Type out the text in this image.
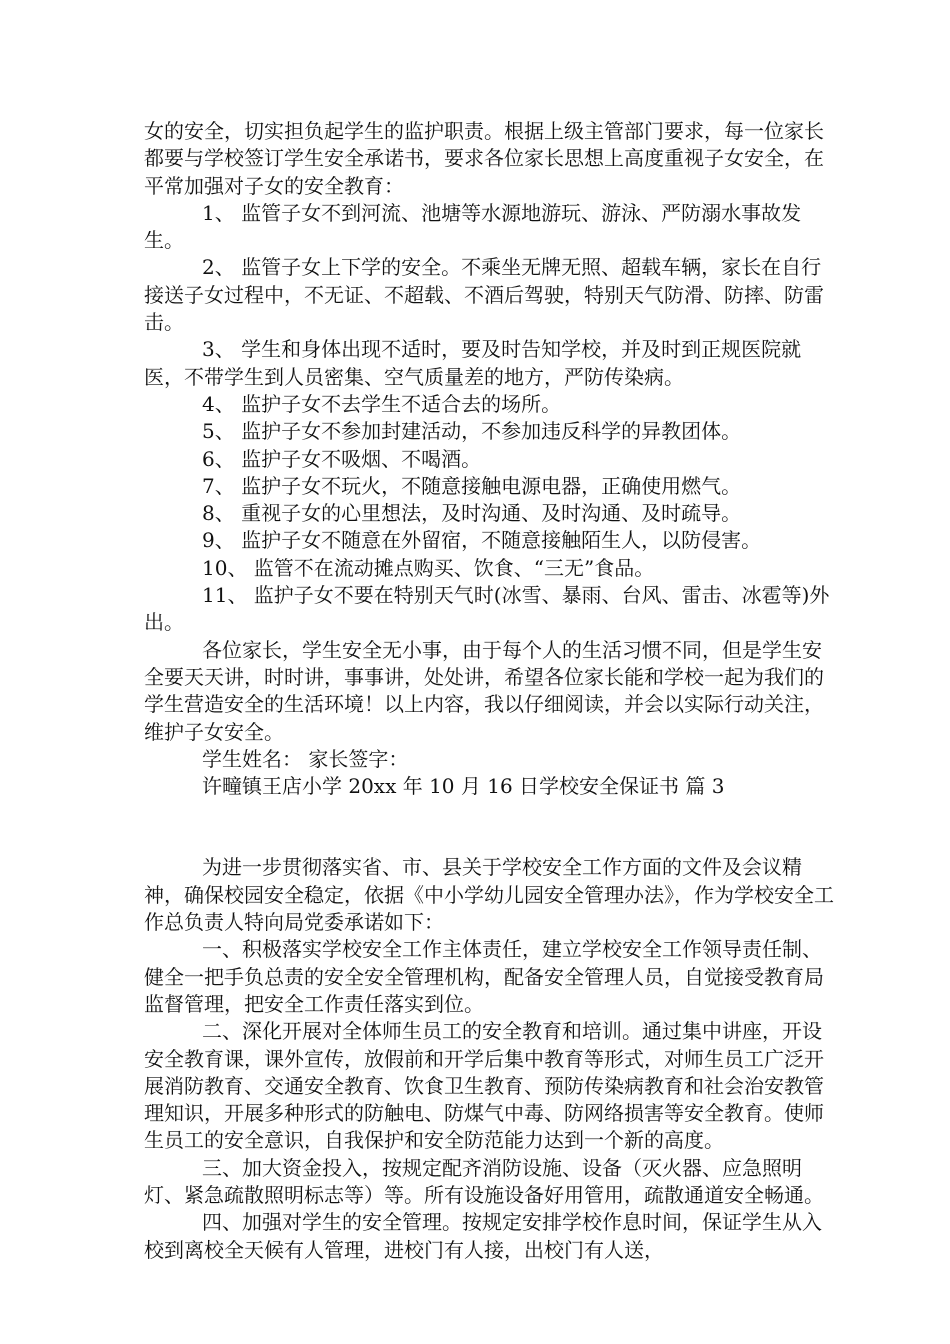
女的安全，切实担负起学生的监护职责。根据上级主管部门要求，每一位家长都要与学校签订学生安全承诺书，要求各位家长思想上高度重视子女安全，在平常加强对子女的安全教育：

1、 监管子女不到河流、池塘等水源地游玩、游泳、严防溺水事故发生。

2、 监管子女上下学的安全。不乘坐无牌无照、超载车辆，家长在自行接送子女过程中，不无证、不超载、不酒后驾驶，特别天气防滑、防摔、防雷击。

3、 学生和身体出现不适时，要及时告知学校，并及时到正规医院就医，不带学生到人员密集、空气质量差的地方，严防传染病。

4、 监护子女不去学生不适合去的场所。

5、 监护子女不参加封建活动，不参加违反科学的异教团体。

6、 监护子女不吸烟、不喝酒。

7、 监护子女不玩火，不随意接触电源电器，正确使用燃气。

8、 重视子女的心里想法，及时沟通、及时沟通、及时疏导。

9、 监护子女不随意在外留宿，不随意接触陌生人，以防侵害。

10、 监管不在流动摊点购买、饮食、“三无”食品。

11、 监护子女不要在特别天气时(冰雪、暴雨、台风、雷击、冰雹等)外出。

各位家长，学生安全无小事，由于每个人的生活习惯不同，但是学生安全要天天讲，时时讲，事事讲，处处讲，希望各位家长能和学校一起为我们的学生营造安全的生活环境！以上内容，我以仔细阅读，并会以实际行动关注，维护子女安全。

学生姓名： 家长签字：

许疃镇王店小学 20xx 年 10 月 16 日学校安全保证书 篇 3

为进一步贯彻落实省、市、县关于学校安全工作方面的文件及会议精神，确保校园安全稳定，依据《中小学幼儿园安全管理办法》，作为学校安全工作总负责人特向局党委承诺如下：

一、积极落实学校安全工作主体责任，建立学校安全工作领导责任制、健全一把手负总责的安全安全管理机构，配备安全管理人员，自觉接受教育局监督管理，把安全工作责任落实到位。

二、深化开展对全体师生员工的安全教育和培训。通过集中讲座，开设安全教育课，课外宣传，放假前和开学后集中教育等形式，对师生员工广泛开展消防教育、交通安全教育、饮食卫生教育、预防传染病教育和社会治安教管理知识，开展多种形式的防触电、防煤气中毒、防网络损害等安全教育。使师生员工的安全意识，自我保护和安全防范能力达到一个新的高度。

三、加大资金投入，按规定配齐消防设施、设备（灭火器、应急照明灯、紧急疏散照明标志等）等。所有设施设备好用管用，疏散通道安全畅通。

四、加强对学生的安全管理。按规定安排学校作息时间，保证学生从入校到离校全天候有人管理，进校门有人接，出校门有人送，
